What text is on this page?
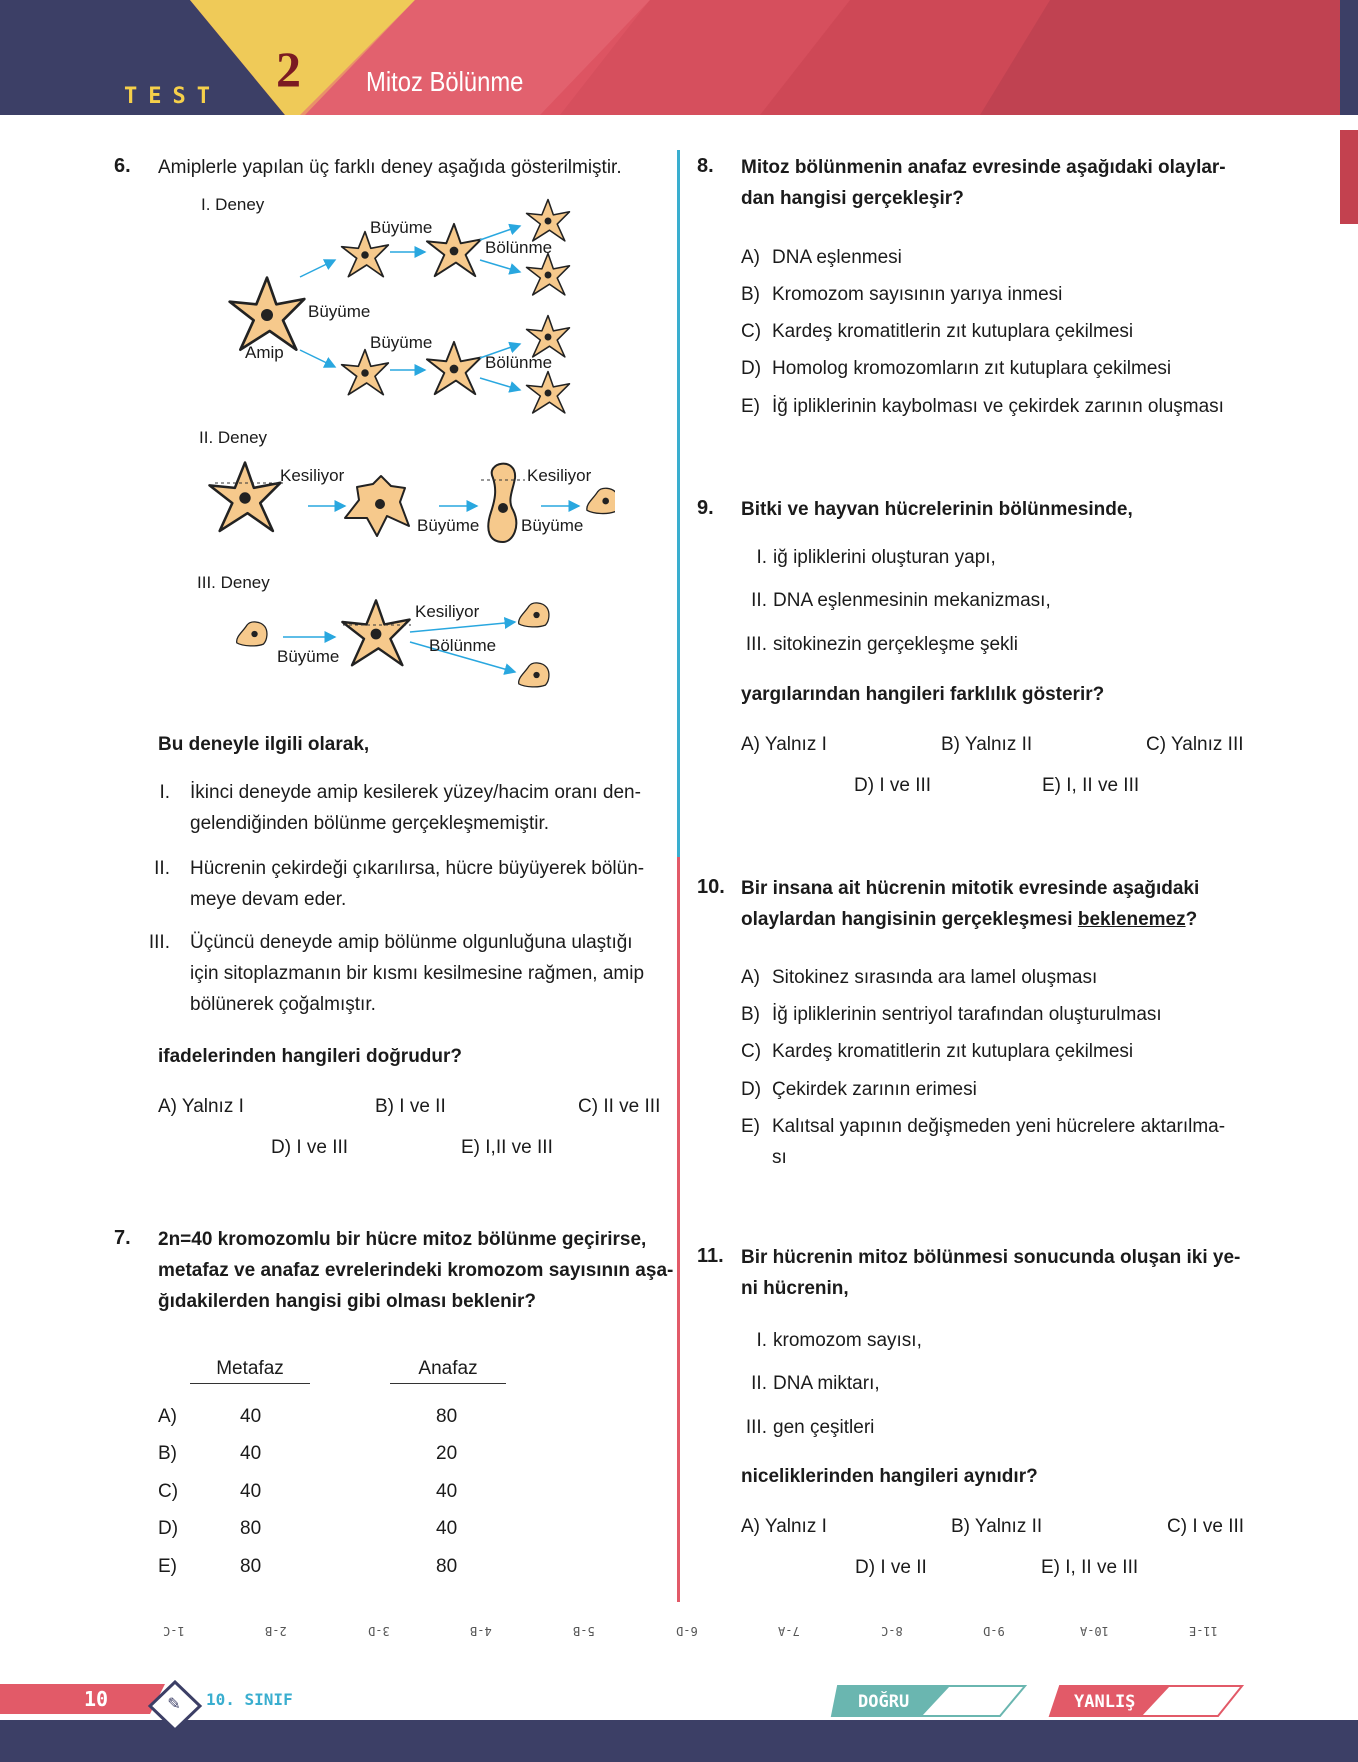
TEST 2 Mitoz Bölünme
6. Amiplerle yapılan üç farklı deney aşağıda gösterilmiştir.
I. Deney
Büyüme
Bölünme
Büyüme
Amip
Büyüme
Bölünme
II. Deney
Kesiliyor	Kesiliyor
Büyüme Büyüme
III. Deney
Kesiliyor
Bölünme
Büyüme
Bu deneyle ilgili olarak,
I. İkinci deneyde amip kesilerek yüzey/hacim oranı den-
gelendiğinden bölünme gerçekleşmemiştir.
II. Hücrenin çekirdeği çıkarılırsa, hücre büyüyerek bölün-
meye devam eder.
III. Üçüncü deneyde amip bölünme olgunluğuna ulaştığı
için sitoplazmanın bir kısmı kesilmesine rağmen, amip
bölünerek çoğalmıştır.
ifadelerinden hangileri doğrudur?
A) Yalnız I	B) I ve II	C) II ve III
D) I ve III	E) I,II ve III
7. 2n=40 kromozomlu bir hücre mitoz bölünme geçirirse,
metafaz ve anafaz evrelerindeki kromozom sayısının aşa-
ğıdakilerden hangisi gibi olması beklenir?
Metafaz	Anafaz
A)	40	80
B)	40	20
C)	40	40
D)	80	40
E)	80	80
8. Mitoz bölünmenin anafaz evresinde aşağıdaki olaylar-
dan hangisi gerçekleşir?
A) DNA eşlenmesi
B) Kromozom sayısının yarıya inmesi
C) Kardeş kromatitlerin zıt kutuplara çekilmesi
D) Homolog kromozomların zıt kutuplara çekilmesi
E) İğ ipliklerinin kaybolması ve çekirdek zarının oluşması
9. Bitki ve hayvan hücrelerinin bölünmesinde,
I. iğ ipliklerini oluşturan yapı,
II. DNA eşlenmesinin mekanizması,
III. sitokinezin gerçekleşme şekli
yargılarından hangileri farklılık gösterir?
A) Yalnız I	B) Yalnız II	C) Yalnız III
D) I ve III	E) I, II ve III
10. Bir insana ait hücrenin mitotik evresinde aşağıdaki
olaylardan hangisinin gerçekleşmesi beklenemez?
A) Sitokinez sırasında ara lamel oluşması
B) İğ ipliklerinin sentriyol tarafından oluşturulması
C) Kardeş kromatitlerin zıt kutuplara çekilmesi
D) Çekirdek zarının erimesi
E) Kalıtsal yapının değişmeden yeni hücrelere aktarılma-
sı
11. Bir hücrenin mitoz bölünmesi sonucunda oluşan iki ye-
ni hücrenin,
I. kromozom sayısı,
II. DNA miktarı,
III. gen çeşitleri
niceliklerinden hangileri aynıdır?
A) Yalnız I	B) Yalnız II	C) I ve III
D) I ve II	E) I, II ve III
1-C	2-B	3-D	4-B	5-B	6-D	7-A	8-C	9-D	10-A	11-E
10	✎ 10. SINIF	DOĞRU	YANLIŞ
